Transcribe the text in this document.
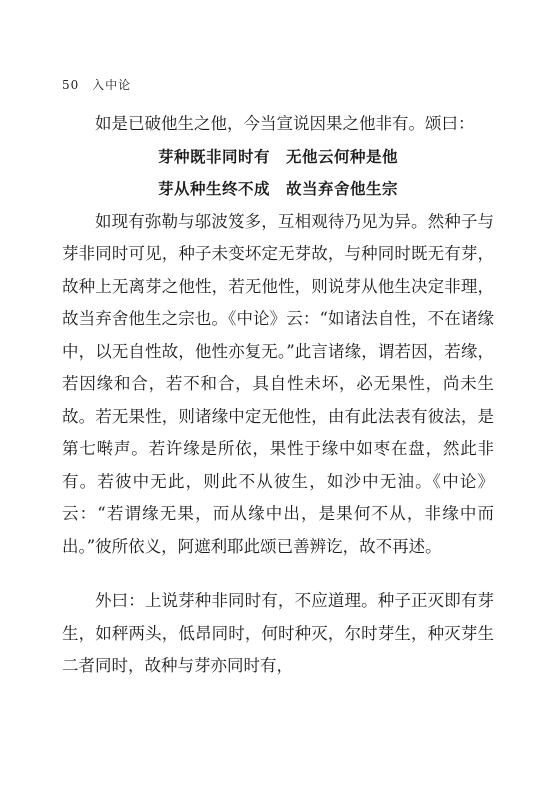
50 入中论

如是已破他生之他，今当宣说因果之他非有。颂曰：

芽种既非同时有　无他云何种是他

芽从种生终不成　故当弃舍他生宗

如现有弥勒与邬波笈多，互相观待乃见为异。然种子与芽非同时可见，种子未变坏定无芽故，与种同时既无有芽，故种上无离芽之他性，若无他性，则说芽从他生决定非理，故当弃舍他生之宗也。《中论》云：“如诸法自性，不在诸缘中，以无自性故，他性亦复无。”此言诸缘，谓若因，若缘，若因缘和合，若不和合，具自性未坏，必无果性，尚未生故。若无果性，则诸缘中定无他性，由有此法表有彼法，是第七啭声。若许缘是所依，果性于缘中如枣在盘，然此非有。若彼中无此，则此不从彼生，如沙中无油。《中论》云：“若谓缘无果，而从缘中出，是果何不从，非缘中而出。”彼所依义，阿遮利耶此颂已善辨讫，故不再述。

外曰：上说芽种非同时有，不应道理。种子正灭即有芽生，如秤两头，低昂同时，何时种灭，尔时芽生，种灭芽生二者同时，故种与芽亦同时有，
